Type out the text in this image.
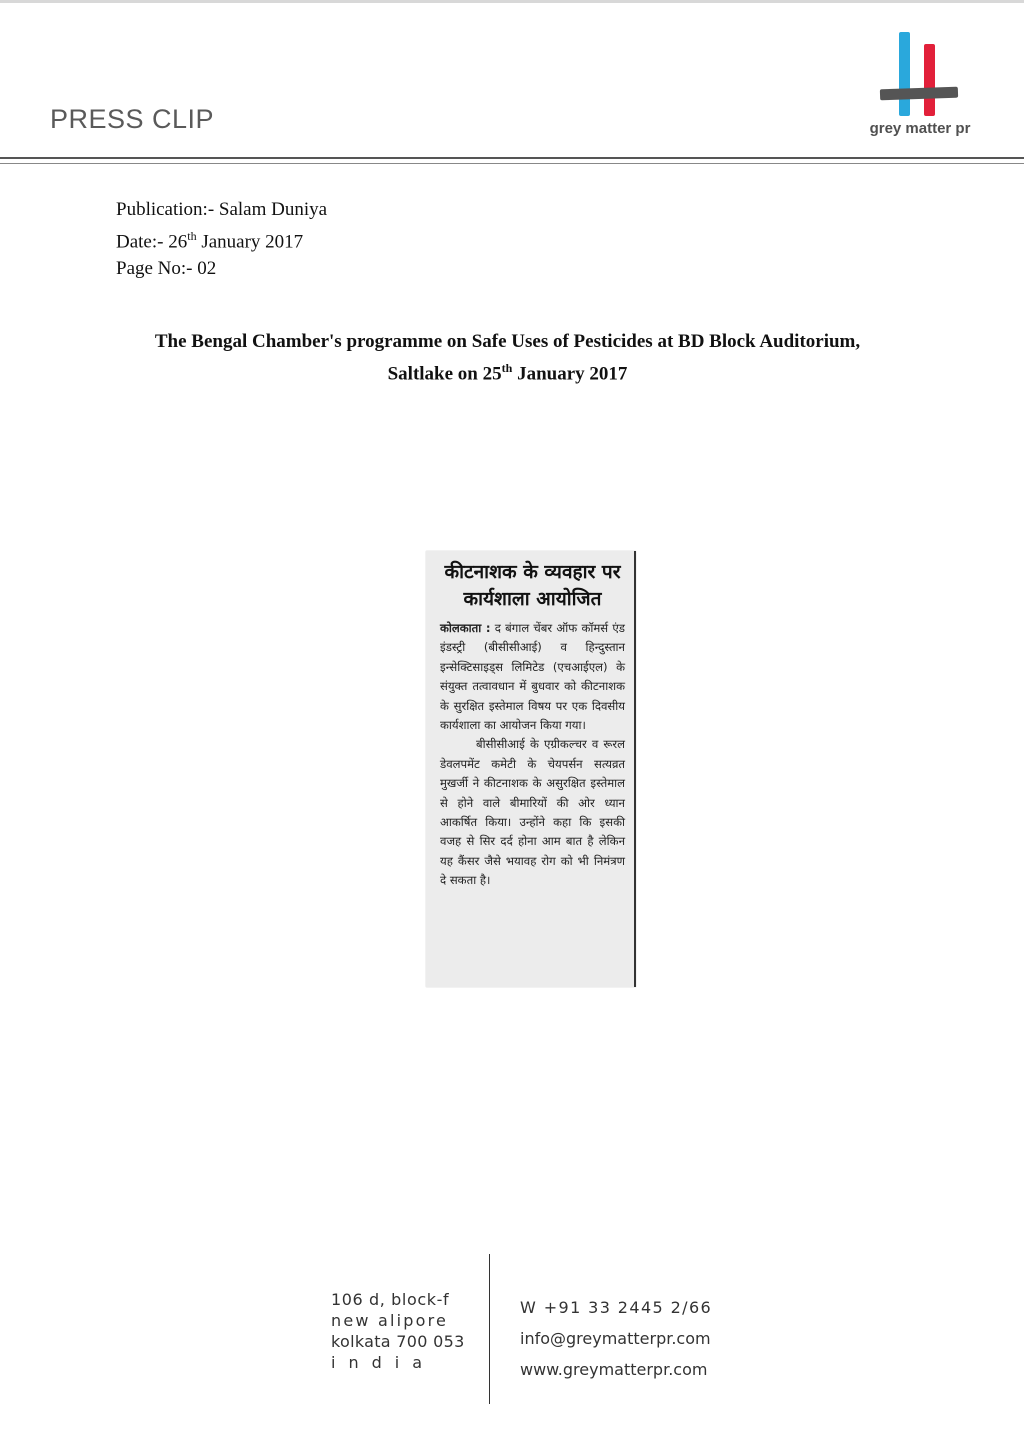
PRESS CLIP	grey matter pr
Publication:- Salam Duniya
Date:- 26th January 2017
Page No:- 02
The Bengal Chamber's programme on Safe Uses of Pesticides at BD Block Auditorium,
Saltlake on 25th January 2017
कीटनाशक के व्यवहार पर
कार्यशाला आयोजित

कोलकाता : द बंगाल चेंबर ऑफ कॉमर्स एंड इंडस्ट्री (बीसीसीआई) व हिन्दुस्तान इन्सेक्टिसाइड्स लिमिटेड (एचआईएल) के संयुक्त तत्वावधान में बुधवार को कीटनाशक के सुरक्षित इस्तेमाल विषय पर एक दिवसीय कार्यशाला का आयोजन किया गया।

बीसीसीआई के एग्रीकल्चर व रूरल डेवलपमेंट कमेटी के चेयपर्सन सत्यव्रत मुखर्जी ने कीटनाशक के असुरक्षित इस्तेमाल से होने वाले बीमारियों की ओर ध्यान आकर्षित किया। उन्होंने कहा कि इसकी वजह से सिर दर्द होना आम बात है लेकिन यह कैंसर जैसे भयावह रोग को भी निमंत्रण दे सकता है।

106 d, block-f
new alipore
kolkata 700 053
india
W +91 33 2445 2/66
info@greymatterpr.com
www.greymatterpr.com
